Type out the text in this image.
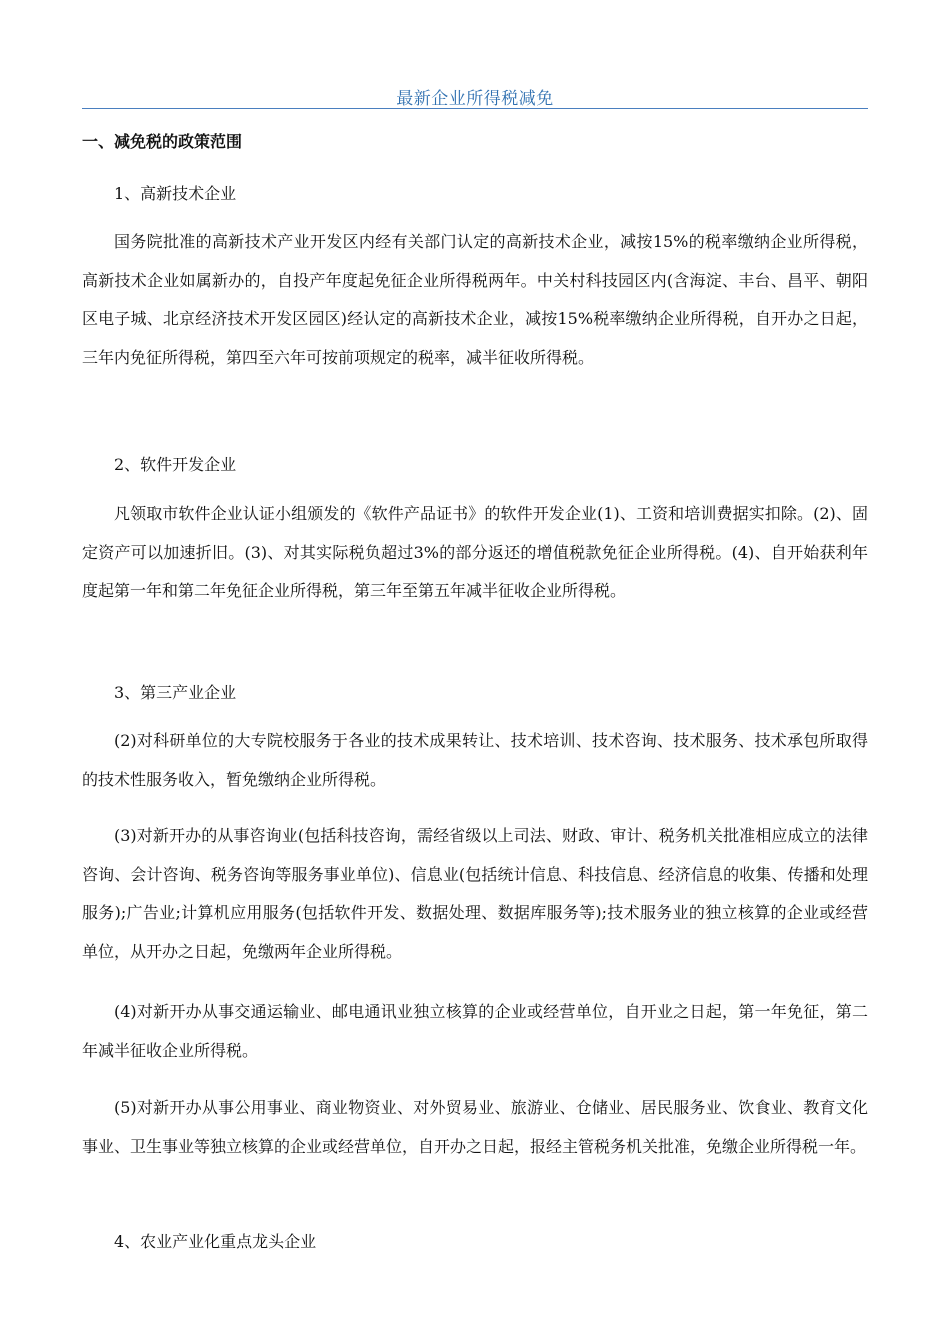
最新企业所得税减免
一、减免税的政策范围
1、高新技术企业

国务院批准的高新技术产业开发区内经有关部门认定的高新技术企业，减按15%的税率缴纳企业所得税，高新技术企业如属新办的，自投产年度起免征企业所得税两年。中关村科技园区内(含海淀、丰台、昌平、朝阳区电子城、北京经济技术开发区园区)经认定的高新技术企业，减按15%税率缴纳企业所得税，自开办之日起，三年内免征所得税，第四至六年可按前项规定的税率，减半征收所得税。

2、软件开发企业

凡领取市软件企业认证小组颁发的《软件产品证书》的软件开发企业(1)、工资和培训费据实扣除。(2)、固定资产可以加速折旧。(3)、对其实际税负超过3%的部分返还的增值税款免征企业所得税。(4)、自开始获利年度起第一年和第二年免征企业所得税，第三年至第五年减半征收企业所得税。

3、第三产业企业

(2)对科研单位的大专院校服务于各业的技术成果转让、技术培训、技术咨询、技术服务、技术承包所取得的技术性服务收入，暂免缴纳企业所得税。

(3)对新开办的从事咨询业(包括科技咨询，需经省级以上司法、财政、审计、税务机关批准相应成立的法律咨询、会计咨询、税务咨询等服务事业单位)、信息业(包括统计信息、科技信息、经济信息的收集、传播和处理服务);广告业;计算机应用服务(包括软件开发、数据处理、数据库服务等);技术服务业的独立核算的企业或经营单位，从开办之日起，免缴两年企业所得税。

(4)对新开办从事交通运输业、邮电通讯业独立核算的企业或经营单位，自开业之日起，第一年免征，第二年减半征收企业所得税。

(5)对新开办从事公用事业、商业物资业、对外贸易业、旅游业、仓储业、居民服务业、饮食业、教育文化事业、卫生事业等独立核算的企业或经营单位，自开办之日起，报经主管税务机关批准，免缴企业所得税一年。

4、农业产业化重点龙头企业
